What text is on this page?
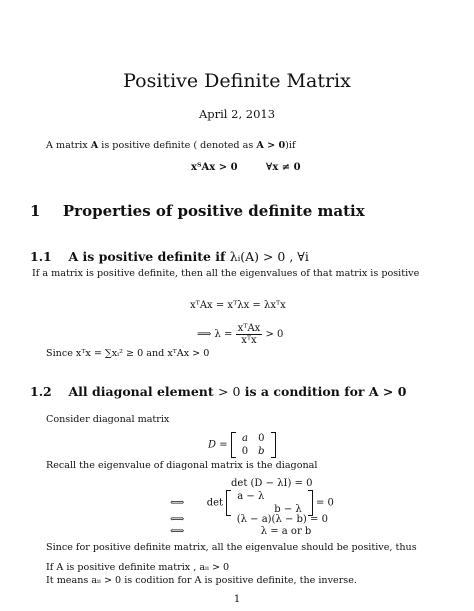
Positive Definite Matrix
April 2, 2013
A matrix A is positive definite ( denoted as A > 0)if
xᵀAx > 0	∀x ≠ 0
1 Properties of positive definite matix
1.1 A is positive definite if λᵢ(A) > 0 , ∀i
If a matrix is positive definite, then all the eigenvalues of that matrix is positive
xᵀAx = xᵀλx = λxᵀx
⟹ $\lambda = \frac{\text{xᵀAx}}{\text{xᵀx}} > 0$
Since xᵀx = ∑xᵢ² ≥ 0 and xᵀAx > 0
1.2 All diagonal element > 0 is a condition for A > 0
Consider diagonal matrix
D =
a	0
0	b
Recall the eigenvalue of diagonal matrix is the diagonal
det (D − λI) = 0
⟺ det
a − λ	
	b − λ
= 0
⟺	(λ − a)(λ − b) = 0
⟺	λ = a or b
Since for positive definite matrix, all the eigenvalue should be positive, thus
If A is positive definite matrix , aᵢᵢ > 0
It means aᵢᵢ > 0 is codition for A is positive definite, the inverse.
1
